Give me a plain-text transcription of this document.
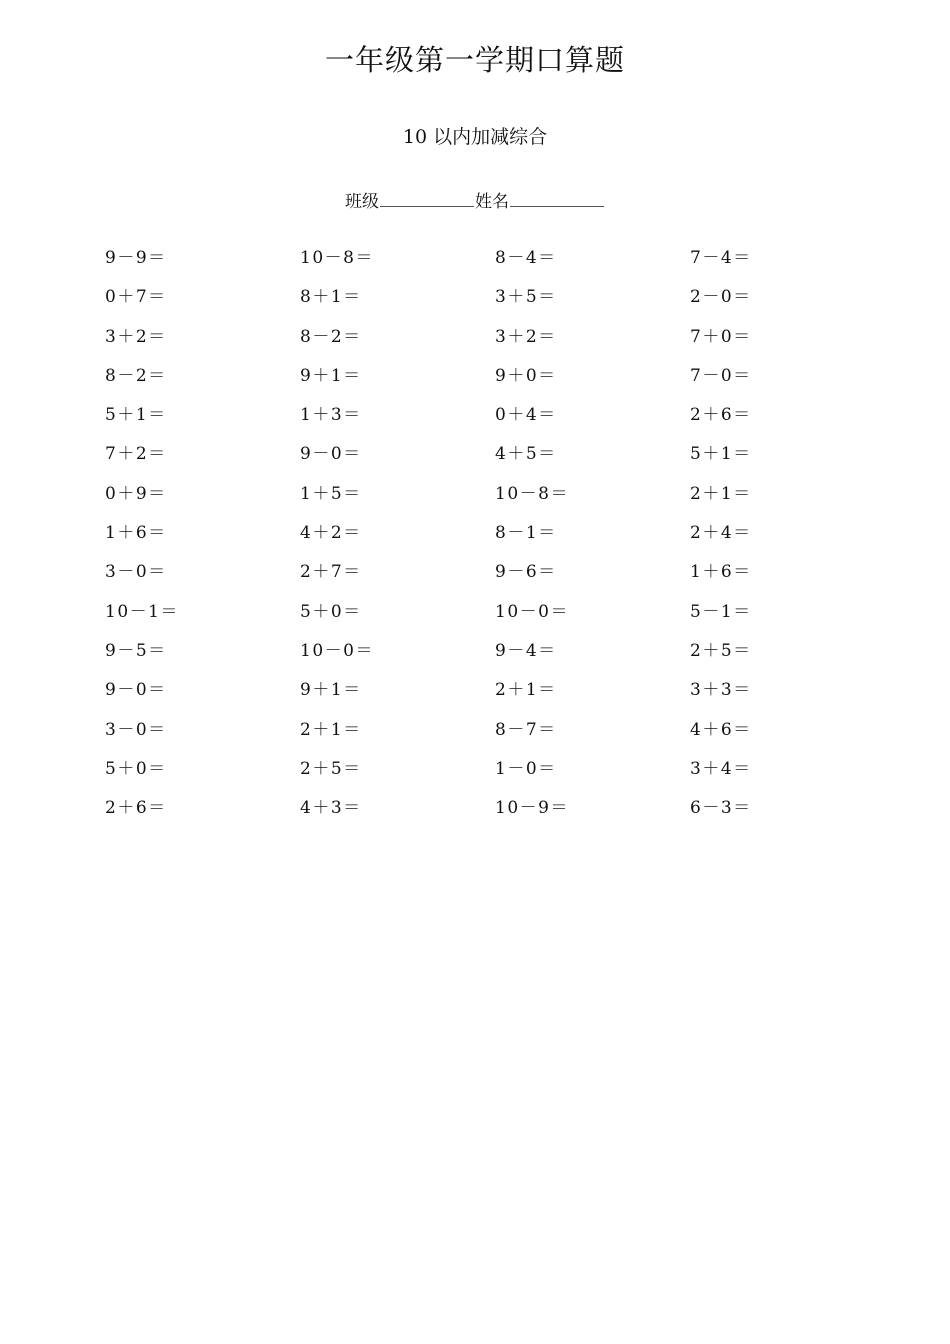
一年级第一学期口算题
10 以内加减综合
班级	姓名
9－9＝	10－8＝	8－4＝	7－4＝
0＋7＝	8＋1＝	3＋5＝	2－0＝
3＋2＝	8－2＝	3＋2＝	7＋0＝
8－2＝	9＋1＝	9＋0＝	7－0＝
5＋1＝	1＋3＝	0＋4＝	2＋6＝
7＋2＝	9－0＝	4＋5＝	5＋1＝
0＋9＝	1＋5＝	10－8＝	2＋1＝
1＋6＝	4＋2＝	8－1＝	2＋4＝
3－0＝	2＋7＝	9－6＝	1＋6＝
10－1＝	5＋0＝	10－0＝	5－1＝
9－5＝	10－0＝	9－4＝	2＋5＝
9－0＝	9＋1＝	2＋1＝	3＋3＝
3－0＝	2＋1＝	8－7＝	4＋6＝
5＋0＝	2＋5＝	1－0＝	3＋4＝
2＋6＝	4＋3＝	10－9＝	6－3＝
